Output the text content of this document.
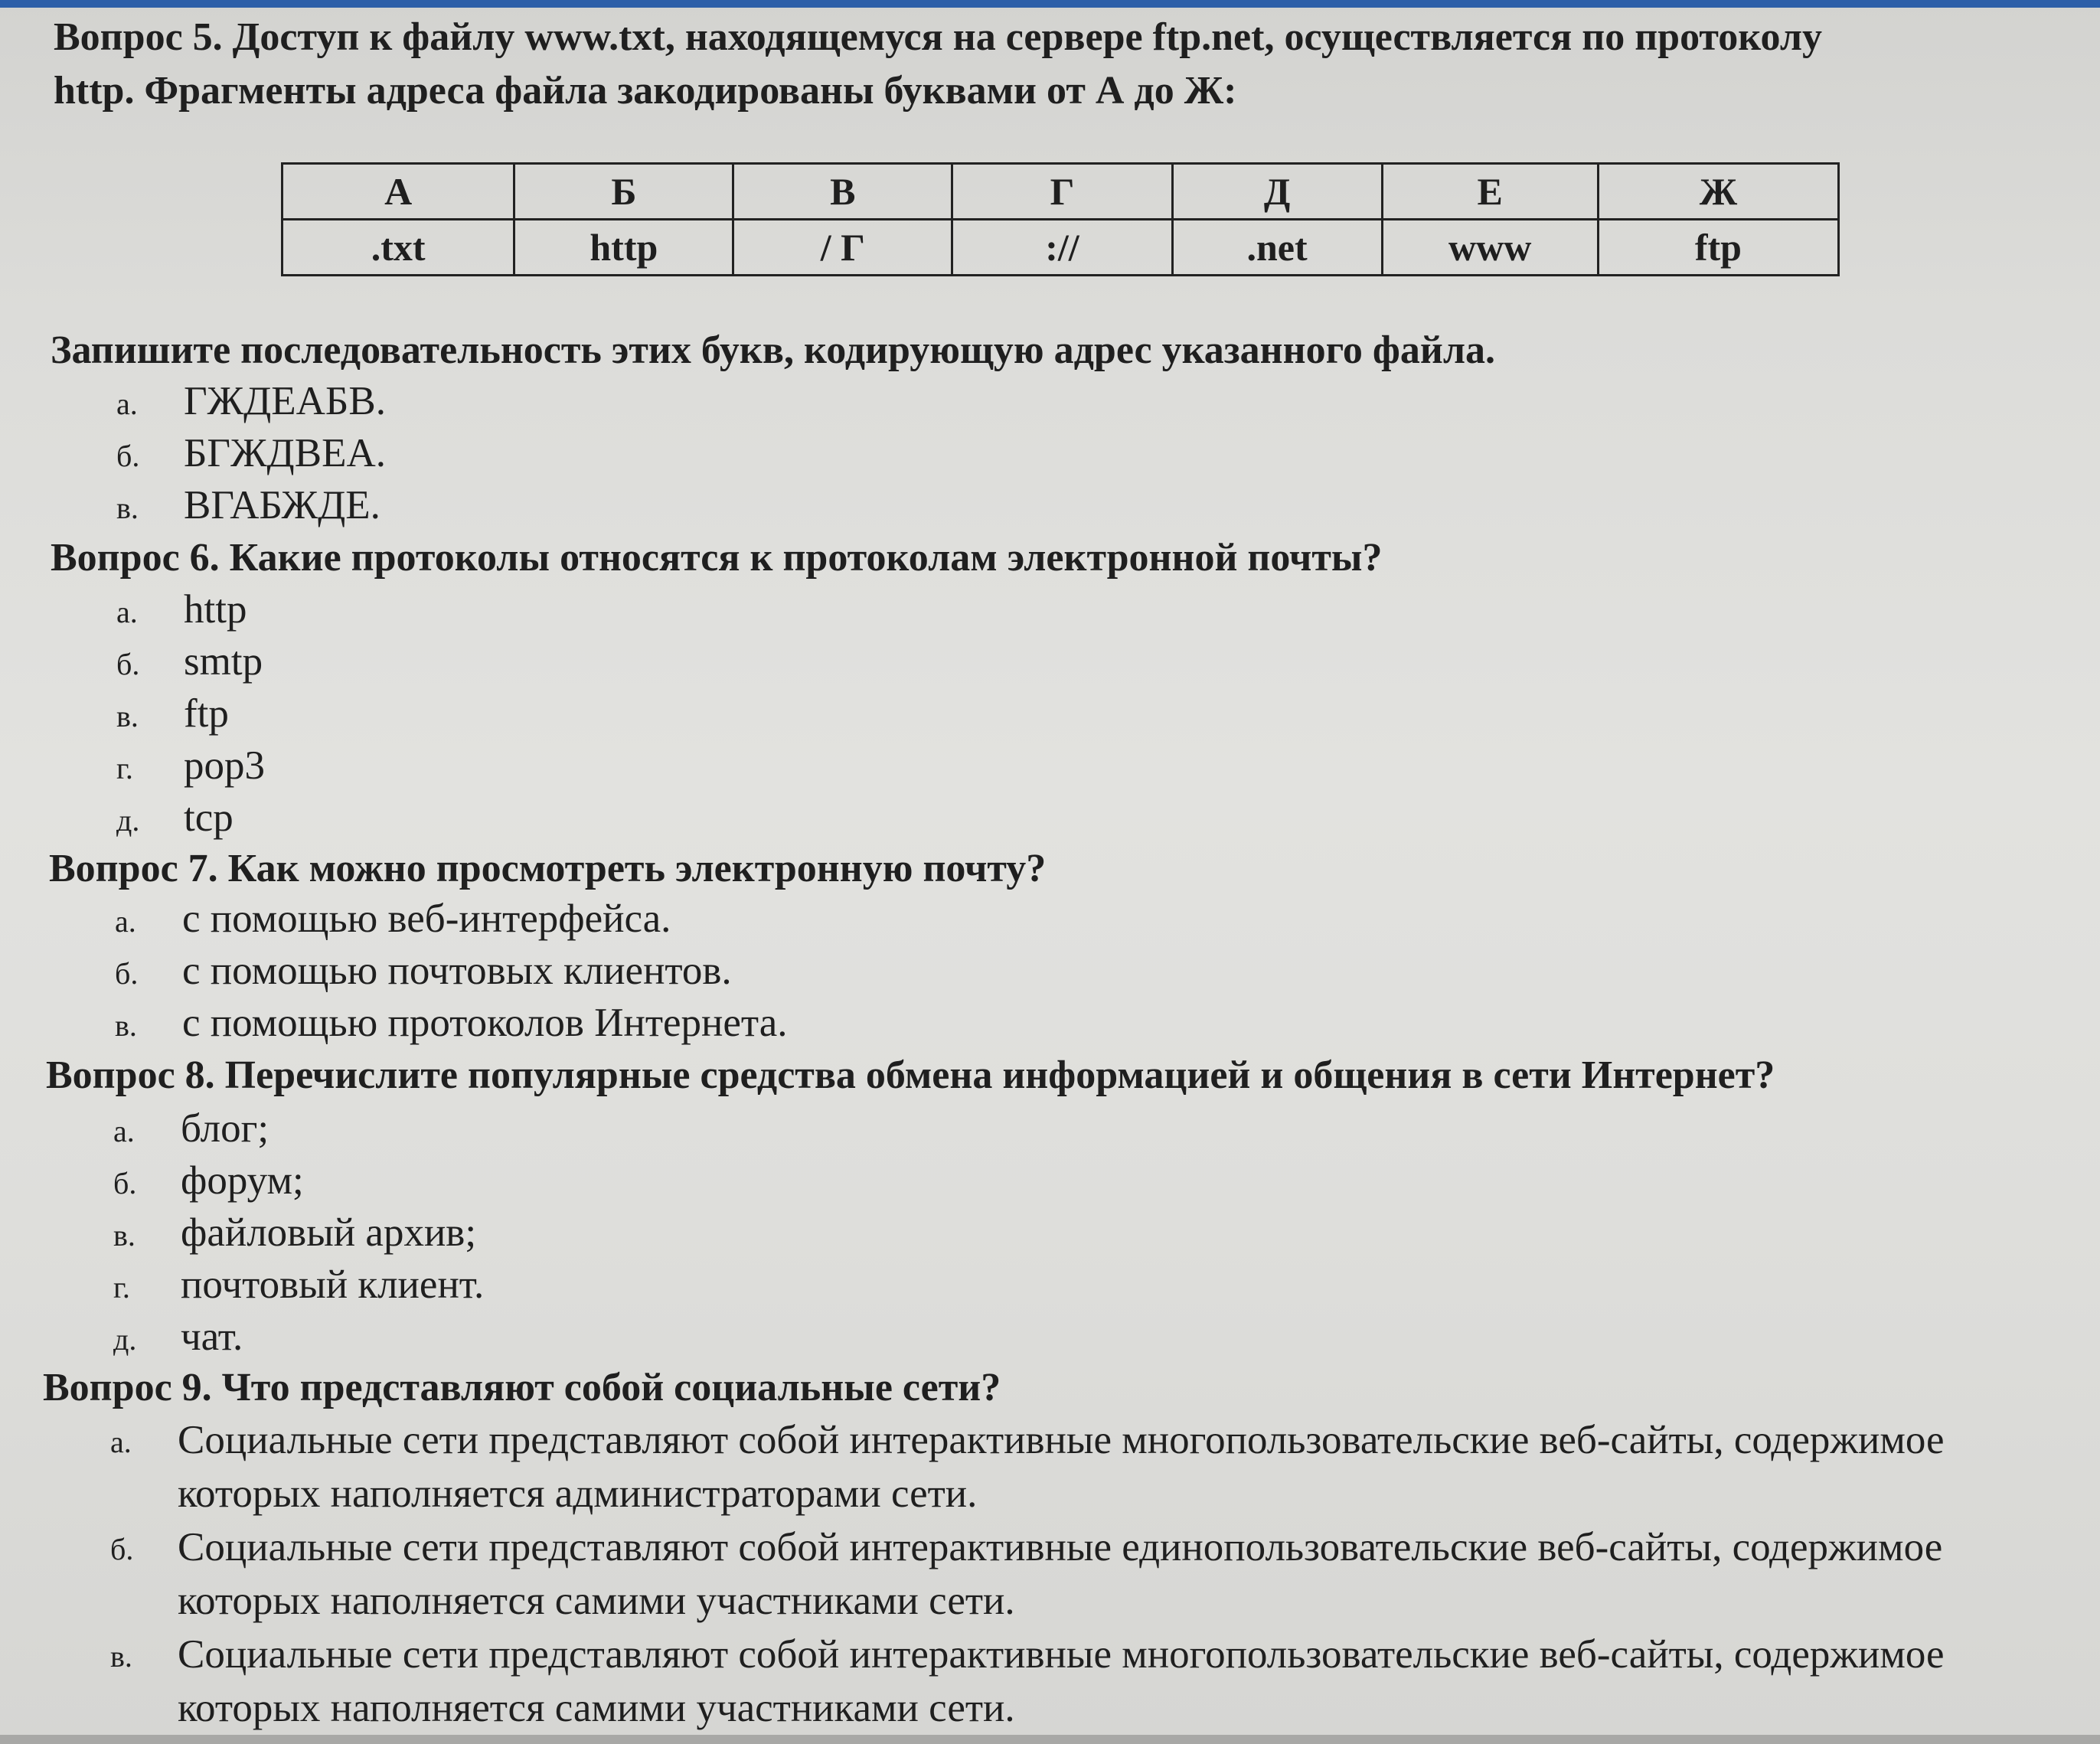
Вопрос 5. Доступ к файлу www.txt, находящемуся на сервере ftp.net, осуществляется по протоколу
http. Фрагменты адреса файла закодированы буквами от А до Ж:
А	Б	В	Г	Д	Е	Ж
.txt	http	/ Г	://	.net	www	ftp
Запишите последовательность этих букв, кодирующую адрес указанного файла.
а. ГЖДЕАБВ.
б. БГЖДВЕА.
в. ВГАБЖДЕ.
Вопрос 6. Какие протоколы относятся к протоколам электронной почты?
а. http
б. smtp
в. ftp
г. pop3
д. tcp
Вопрос 7. Как можно просмотреть электронную почту?
а. с помощью веб-интерфейса.
б. с помощью почтовых клиентов.
в. с помощью протоколов Интернета.
Вопрос 8. Перечислите популярные средства обмена информацией и общения в сети Интернет?
а. блог;
б. форум;
в. файловый архив;
г. почтовый клиент.
д. чат.
Вопрос 9. Что представляют собой социальные сети?
а. Социальные сети представляют собой интерактивные многопользовательские веб-сайты, содержимое которых наполняется администраторами сети.
б. Социальные сети представляют собой интерактивные единопользовательские веб-сайты, содержимое которых наполняется самими участниками сети.
в. Социальные сети представляют собой интерактивные многопользовательские веб-сайты, содержимое которых наполняется самими участниками сети.
